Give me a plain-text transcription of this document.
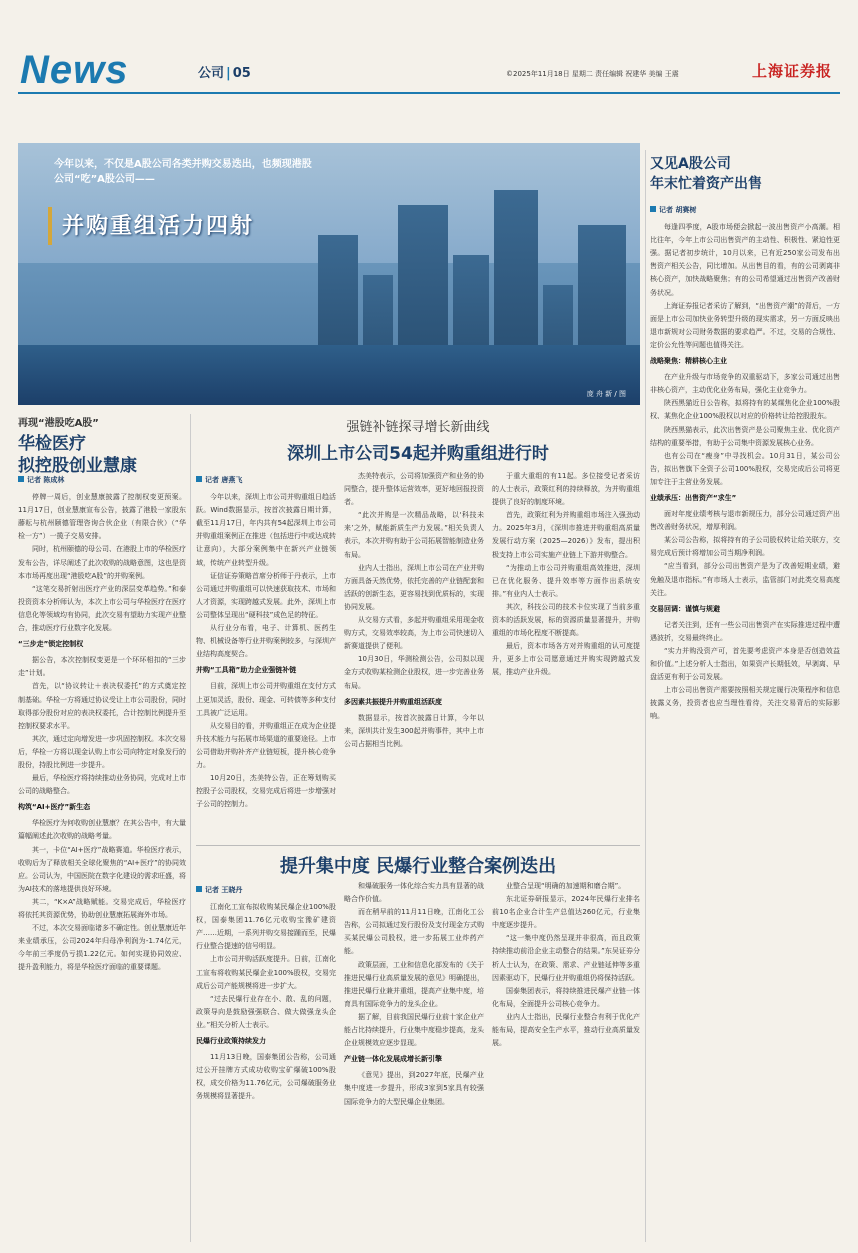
News	公司 | 05	©2025年11月18日 星期二 责任编辑 祝建华 美编 王震	上海证券报
今年以来，不仅是A股公司各类并购交易迭出，也频现港股公司“吃”A股公司——
并购重组活力四射
庞 舟 新 / 图
再现“港股吃A股”
华检医疗
拟控股创业慧康
记者 陈成林

停牌一周后，创业慧康披露了控制权变更预案。11月17日，创业慧康宣布公告，披露了港股一家股东藤耘与杭州颐德管理咨询合伙企业（有限合伙）（“华检一方”）一揽子交易安排。

同时，杭州颐德的母公司、在港股上市的华检医疗发布公告，详尽阐述了此次收购的战略意图，这也是资本市场再度出现“港股吃A股”的并购案例。

“这笔交易折射出医疗产业的深层变革趋势。”和泰投资资本分析师认为，本次上市公司与华检医疗在医疗信息化等领域均有协同，此次交易有望助力实现产业整合，推动医疗行业数字化发展。

“三步走”锁定控制权

据公告，本次控制权变更是一个环环相扣的“三步走”计划。

首先，以“协议转让＋表决权委托”的方式奠定控制基础。华检一方将通过协议受让上市公司股份，同时取得部分股份对应的表决权委托，合计控制比例提升至控制权要求水平。

其次，通过定向增发进一步巩固控制权。本次交易后，华检一方将以现金认购上市公司向特定对象发行的股份，持股比例进一步提升。

最后，华检医疗将持续推动业务协同，完成对上市公司的战略整合。

构筑“AI+医疗”新生态

华检医疗为何收购创业慧康？在其公告中，有大量篇幅阐述此次收购的战略考量。

其一，卡位“AI+医疗”战略赛道。华检医疗表示，收购后为了释放相关全球化聚焦的“AI+医疗”的协同效应。公司认为，中国医院在数字化建设的需求旺盛，将为AI技术的落地提供良好环境。

其二，“K×A”战略赋能。交易完成后，华检医疗将依托其资源优势，协助创业慧康拓展海外市场。

不过，本次交易面临诸多不确定性。创业慧康近年来业绩承压，公司2024年归母净利润为-1.74亿元，今年前三季度仍亏损1.22亿元。如何实现协同效应、提升盈利能力，将是华检医疗面临的重要课题。

强链补链探寻增长新曲线
深圳上市公司54起并购重组进行时
记者 唐燕飞

今年以来，深圳上市公司并购重组日趋活跃。Wind数据显示，按首次披露日期计算，截至11月17日，年内共有54起深圳上市公司并购重组案例正在推进（包括进行中或达成转让意向），大部分案例集中在新兴产业链领域，传统产业转型升级。

证信证券策略首席分析师于丹表示，上市公司通过并购重组可以快速获取技术、市场和人才资源，实现跨越式发展。此外，深圳上市公司整体呈现出“硬科技”成色足的特征。

从行业分布看，电子、计算机、医药生物、机械设备等行业并购案例较多，与深圳产业结构高度契合。

并购“工具箱”助力企业强链补链

目前，深圳上市公司并购重组在支付方式上更加灵活，股份、现金、可转债等多种支付工具被广泛运用。

从交易目的看，并购重组正在成为企业提升技术能力与拓展市场渠道的重要途径。上市公司借助并购补齐产业链短板，提升核心竞争力。

10月20日，杰美特公告，正在筹划购买控股子公司股权，交易完成后将进一步增强对子公司的控制力。

杰美特表示，公司将加强资产和业务的协同整合，提升整体运营效率，更好地回报投资者。

“此次并购是一次精品战略，以‘科技未来’之外，赋能新质生产力发展。”相关负责人表示，本次并购有助于公司拓展智能制造业务布局。

业内人士指出，深圳上市公司在产业并购方面具备天然优势，依托完善的产业链配套和活跃的创新生态，更容易找到优质标的，实现协同发展。

从交易方式看，多起并购重组采用现金收购方式，交易效率较高，为上市公司快速切入新赛道提供了便利。

10月30日，华测检测公告，公司拟以现金方式收购某检测企业股权，进一步完善业务布局。

多因素共振提升并购重组活跃度

数据显示，按首次披露日计算，今年以来，深圳共计发生300起并购事件，其中上市公司占据相当比例。

于重大重组的有11起。多位接受记者采访的人士表示，政策红利的持续释放，为并购重组提供了良好的制度环境。

首先，政策红利为并购重组市场注入强劲动力。2025年3月，《深圳市推进并购重组高质量发展行动方案（2025—2026）》发布，提出积极支持上市公司实施产业链上下游并购整合。

“为推动上市公司并购重组高效推进，深圳已在优化服务、提升效率等方面作出系统安排。”有业内人士表示。

其次，科技公司的技术卡位实现了当前多重资本的活跃发展，标的资源质量显著提升，并购重组的市场化程度不断提高。

最后，资本市场各方对并购重组的认可度提升，更多上市公司愿意通过并购实现跨越式发展，推动产业升级。

提升集中度 民爆行业整合案例迭出
记者 王晓丹

江南化工宣布拟收购某民爆企业100%股权，国泰集团11.76亿元收购宝豫矿建资产……近期，一系列并购交易接踵而至，民爆行业整合提速的信号明显。

上市公司并购活跃度提升。日前，江南化工宣布将收购某民爆企业100%股权，交易完成后公司产能规模将进一步扩大。

“过去民爆行业存在小、散、乱的问题，政策导向是鼓励强强联合、做大做强龙头企业。”相关分析人士表示。

民爆行业政策持续发力

11月13日晚，国泰集团公告称，公司通过公开挂牌方式成功收购宝矿爆破100%股权，成交价格为11.76亿元，公司爆破服务业务规模将显著提升。

和爆破服务一体化综合实力具有显著的战略合作价值。

而在稍早前的11月11日晚，江南化工公告称，公司拟通过发行股份及支付现金方式购买某民爆公司股权，进一步拓展工业炸药产能。

政策层面，工业和信息化部发布的《关于推进民爆行业高质量发展的意见》明确提出，推进民爆行业兼并重组，提高产业集中度，培育具有国际竞争力的龙头企业。

据了解，目前我国民爆行业前十家企业产能占比持续提升，行业集中度稳步提高，龙头企业规模效应逐步显现。

产业链一体化发展成增长新引擎

《意见》提出，到2027年底，民爆产业集中度进一步提升，形成3家到5家具有较强国际竞争力的大型民爆企业集团。

业整合呈现“明确的加速期和磨合期”。

东北证券研报显示，2024年民爆行业排名前10名企业合计生产总值达260亿元，行业集中度逐步提升。

“这一集中度仍然呈现并非很高，而且政策持续推动前沿企业主动整合的结果。”东吴证券分析人士认为，在政策、需求、产业链延伸等多重因素驱动下，民爆行业并购重组仍将保持活跃。

国泰集团表示，将持续推进民爆产业链一体化布局，全面提升公司核心竞争力。

业内人士指出，民爆行业整合有利于优化产能布局，提高安全生产水平，推动行业高质量发展。

又见A股公司
年末忙着资产出售
记者 胡赛树

每逢四季度，A股市场便会掀起一波出售资产小高潮。相比往年，今年上市公司出售资产的主动性、积极性、紧迫性更强。据记者初步统计，10月以来，已有近250家公司发布出售资产相关公告，同比增加。从出售目的看，有的公司剥离非核心资产，加快战略聚焦；有的公司希望通过出售资产改善财务状况。

上海证券报记者采访了解到，“出售资产潮”的背后，一方面是上市公司加快业务转型升级的现实需求，另一方面反映出退市新规对公司财务数据的要求趋严。不过，交易的合规性、定价公允性等问题也值得关注。

战略聚焦：精耕核心主业

在产业升级与市场竞争的双重驱动下，多家公司通过出售非核心资产，主动优化业务布局，强化主业竞争力。

陕西黑猫近日公告称，拟将持有的某煤焦化企业100%股权、某焦化企业100%股权以对应的价格转让给控股股东。

陕西黑猫表示，此次出售资产是公司聚焦主业、优化资产结构的重要举措，有助于公司集中资源发展核心业务。

也有公司在“瘦身”中寻找机会。10月31日，某公司公告，拟出售旗下全资子公司100%股权，交易完成后公司将更加专注于主营业务发展。

业绩承压：出售资产“求生”

面对年度业绩考核与退市新规压力，部分公司通过资产出售改善财务状况，增厚利润。

某公司公告称，拟将持有的子公司股权转让给关联方，交易完成后预计将增加公司当期净利润。

“应当看到，部分公司出售资产是为了改善短期业绩，避免触及退市指标。”有市场人士表示，监管部门对此类交易高度关注。

交易回调：谨慎与规避

记者关注到，还有一些公司出售资产在实际推进过程中遭遇波折，交易最终终止。

“实力并购没资产可，首先要考虑资产本身是否创造效益和价值。”上述分析人士指出，如果资产长期低效，早剥离、早盘活更有利于公司发展。

上市公司出售资产需要按照相关规定履行决策程序和信息披露义务，投资者也应当理性看待，关注交易背后的实际影响。
